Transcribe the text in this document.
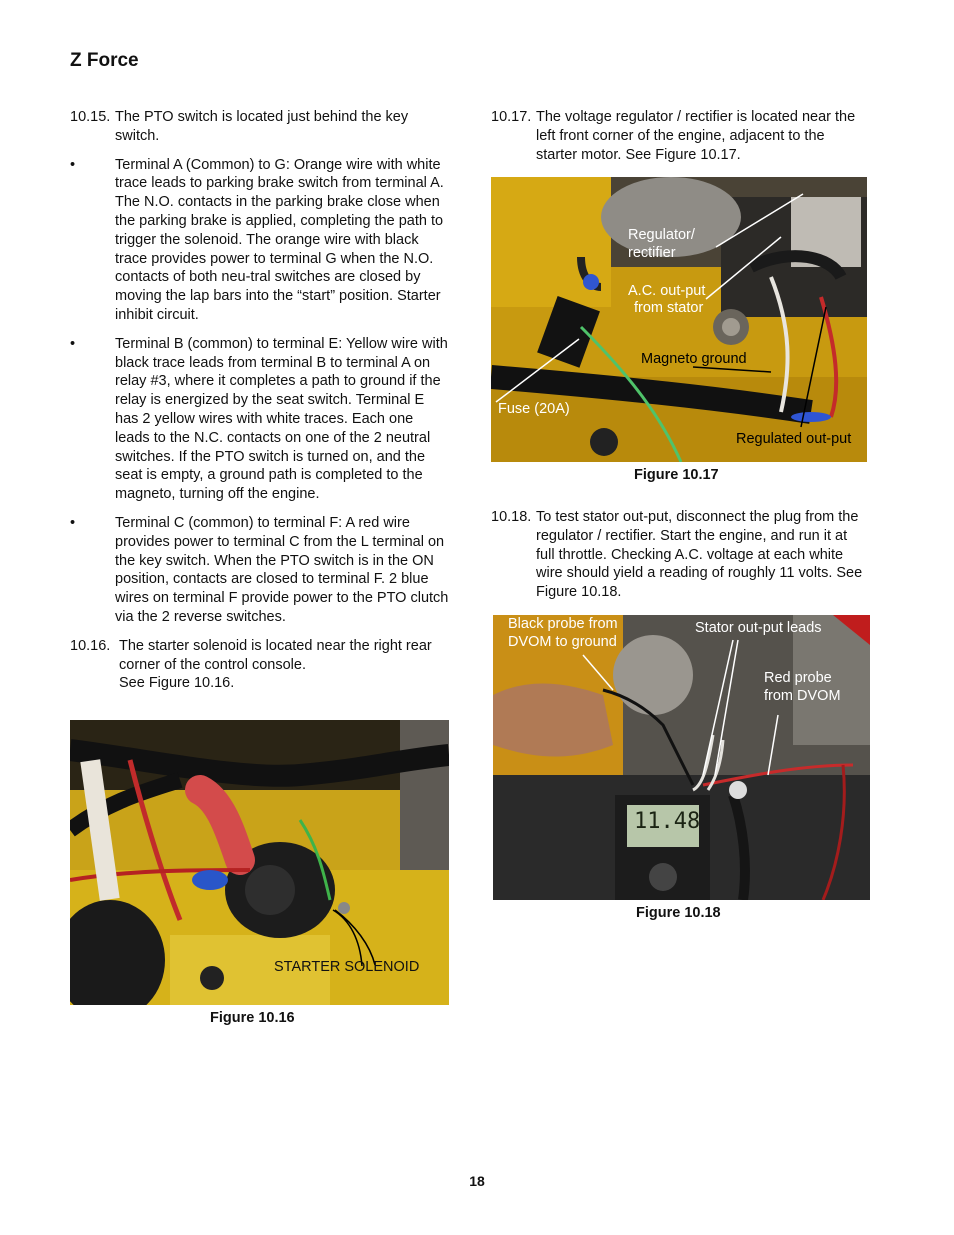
Z Force
10.15. The PTO switch is located just behind the key switch.
•	Terminal A (Common) to G: Orange wire with white trace leads to parking brake switch from terminal A. The N.O. contacts in the parking brake close when the parking brake is applied, completing the path to trigger the solenoid. The orange wire with black trace provides power to terminal G when the N.O. contacts of both neu-tral switches are closed by moving the lap bars into the “start” position. Starter inhibit circuit.
•	Terminal B (common) to terminal E: Yellow wire with black trace leads from terminal B to terminal A on relay #3, where it completes a path to ground if the relay is energized by the seat switch. Terminal E has 2 yellow wires with white traces. Each one leads to the N.C. contacts on one of the 2 neutral switches. If the PTO switch is turned on, and the seat is empty, a ground path is completed to the magneto, turning off the engine.
•	Terminal C (common) to terminal F: A red wire provides power to terminal C from the L terminal on the key switch. When the PTO switch is in the ON position, contacts are closed to terminal F. 2 blue wires on terminal F provide power to the PTO clutch via the 2 reverse switches.
10.16. The starter solenoid is located near the right rear corner of the control console.
See Figure 10.16.
10.17. The voltage regulator / rectifier is located near the left front corner of the engine, adjacent to the starter motor. See Figure 10.17.
10.18. To test stator out-put, disconnect the plug from the regulator / rectifier. Start the engine, and run it at full throttle. Checking A.C. voltage at each white wire should yield a reading of roughly 11 volts. See Figure 10.18.
STARTER SOLENOID
Figure 10.16
Regulator/
rectifier
A.C. out-put
from stator
Magneto ground
Fuse (20A)
Regulated out-put
Figure 10.17
11.48
Black probe from
DVOM to ground
Stator out-put leads
Red probe
from DVOM
Figure 10.18
18
